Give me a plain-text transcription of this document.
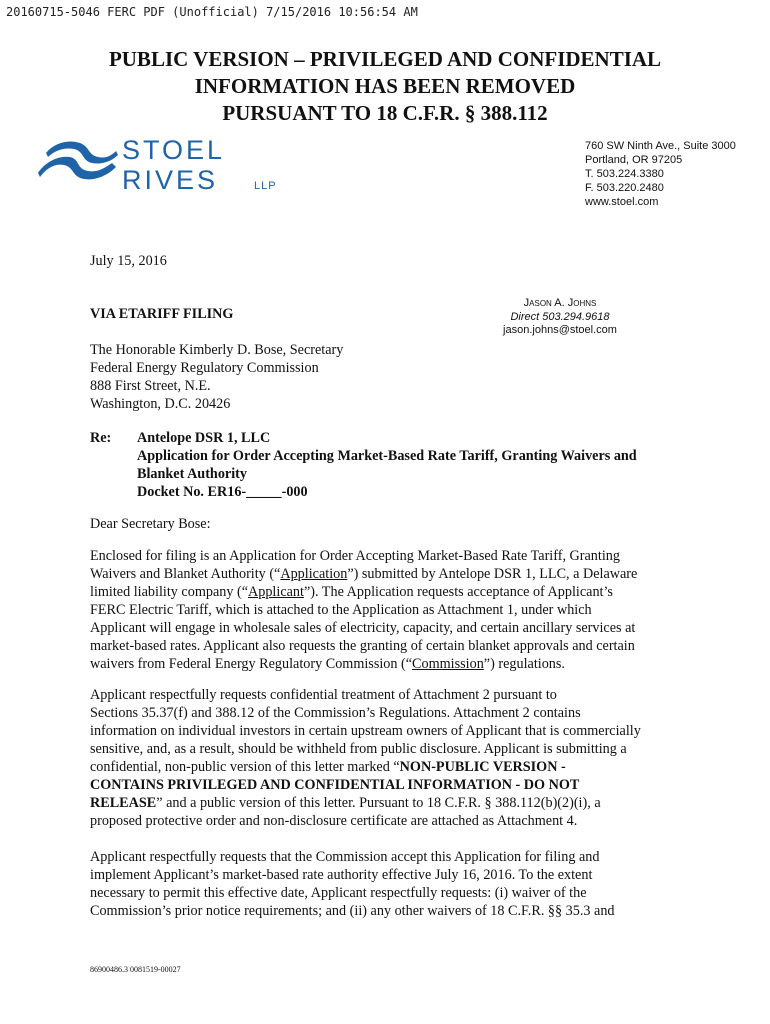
20160715-5046 FERC PDF (Unofficial) 7/15/2016 10:56:54 AM
PUBLIC VERSION – PRIVILEGED AND CONFIDENTIAL
INFORMATION HAS BEEN REMOVED
PURSUANT TO 18 C.F.R. § 388.112
STOEL
RIVES	LLP
760 SW Ninth Ave., Suite 3000
Portland, OR 97205
T. 503.224.3380
F. 503.220.2480
www.stoel.com
July 15, 2016
VIA ETARIFF FILING
Jason A. Johns
Direct 503.294.9618
jason.johns@stoel.com
The Honorable Kimberly D. Bose, Secretary
Federal Energy Regulatory Commission
888 First Street, N.E.
Washington, D.C. 20426
Re: Antelope DSR 1, LLC
Application for Order Accepting Market-Based Rate Tariff, Granting Waivers and
Blanket Authority
Docket No. ER16-_____-000
Dear Secretary Bose:
Enclosed for filing is an Application for Order Accepting Market-Based Rate Tariff, Granting
Waivers and Blanket Authority (“Application”) submitted by Antelope DSR 1, LLC, a Delaware
limited liability company (“Applicant”). The Application requests acceptance of Applicant’s
FERC Electric Tariff, which is attached to the Application as Attachment 1, under which
Applicant will engage in wholesale sales of electricity, capacity, and certain ancillary services at
market-based rates. Applicant also requests the granting of certain blanket approvals and certain
waivers from Federal Energy Regulatory Commission (“Commission”) regulations.
Applicant respectfully requests confidential treatment of Attachment 2 pursuant to
Sections 35.37(f) and 388.12 of the Commission’s Regulations. Attachment 2 contains
information on individual investors in certain upstream owners of Applicant that is commercially
sensitive, and, as a result, should be withheld from public disclosure. Applicant is submitting a
confidential, non-public version of this letter marked “NON-PUBLIC VERSION -
CONTAINS PRIVILEGED AND CONFIDENTIAL INFORMATION - DO NOT
RELEASE” and a public version of this letter. Pursuant to 18 C.F.R. § 388.112(b)(2)(i), a
proposed protective order and non-disclosure certificate are attached as Attachment 4.
Applicant respectfully requests that the Commission accept this Application for filing and
implement Applicant’s market-based rate authority effective July 16, 2016. To the extent
necessary to permit this effective date, Applicant respectfully requests: (i) waiver of the
Commission’s prior notice requirements; and (ii) any other waivers of 18 C.F.R. §§ 35.3 and
86900486.3 0081519-00027
